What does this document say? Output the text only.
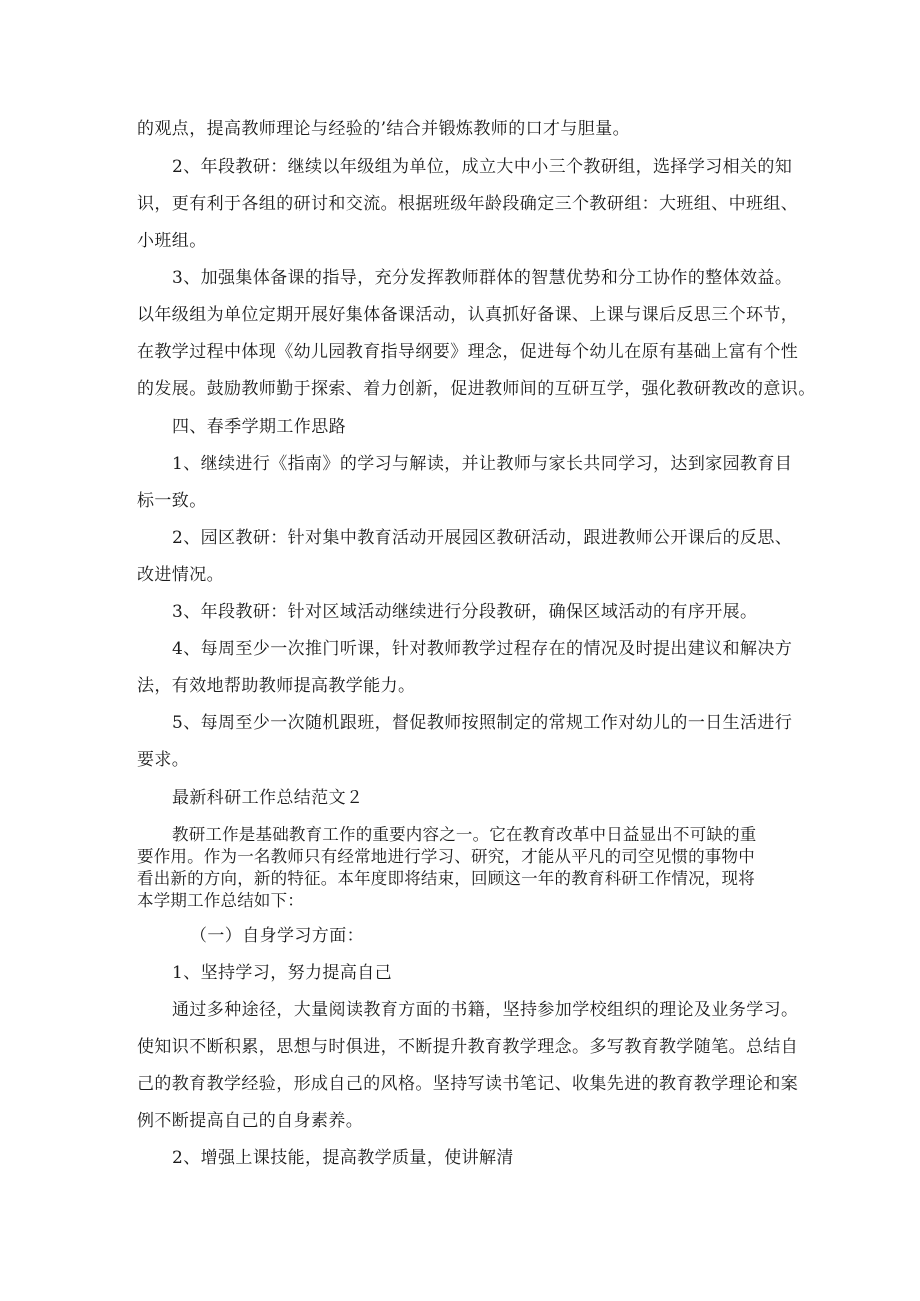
的观点，提高教师理论与经验的’结合并锻炼教师的口才与胆量。
2、年段教研：继续以年级组为单位，成立大中小三个教研组，选择学习相关的知
识，更有利于各组的研讨和交流。根据班级年龄段确定三个教研组：大班组、中班组、
小班组。
3、加强集体备课的指导，充分发挥教师群体的智慧优势和分工协作的整体效益。
以年级组为单位定期开展好集体备课活动，认真抓好备课、上课与课后反思三个环节，
在教学过程中体现《幼儿园教育指导纲要》理念，促进每个幼儿在原有基础上富有个性
的发展。鼓励教师勤于探索、着力创新，促进教师间的互研互学，强化教研教改的意识。
四、春季学期工作思路
1、继续进行《指南》的学习与解读，并让教师与家长共同学习，达到家园教育目
标一致。
2、园区教研：针对集中教育活动开展园区教研活动，跟进教师公开课后的反思、
改进情况。
3、年段教研：针对区域活动继续进行分段教研，确保区域活动的有序开展。
4、每周至少一次推门听课，针对教师教学过程存在的情况及时提出建议和解决方
法，有效地帮助教师提高教学能力。
5、每周至少一次随机跟班，督促教师按照制定的常规工作对幼儿的一日生活进行
要求。
最新科研工作总结范文２
教研工作是基础教育工作的重要内容之一。它在教育改革中日益显出不可缺的重
要作用。作为一名教师只有经常地进行学习、研究，才能从平凡的司空见惯的事物中
看出新的方向，新的特征。本年度即将结束，回顾这一年的教育科研工作情况，现将
本学期工作总结如下：
（一）自身学习方面：
1、坚持学习，努力提高自己
通过多种途径，大量阅读教育方面的书籍，坚持参加学校组织的理论及业务学习。
使知识不断积累，思想与时俱进，不断提升教育教学理念。多写教育教学随笔。总结自
己的教育教学经验，形成自己的风格。坚持写读书笔记、收集先进的教育教学理论和案
例不断提高自己的自身素养。
2、增强上课技能，提高教学质量，使讲解清
